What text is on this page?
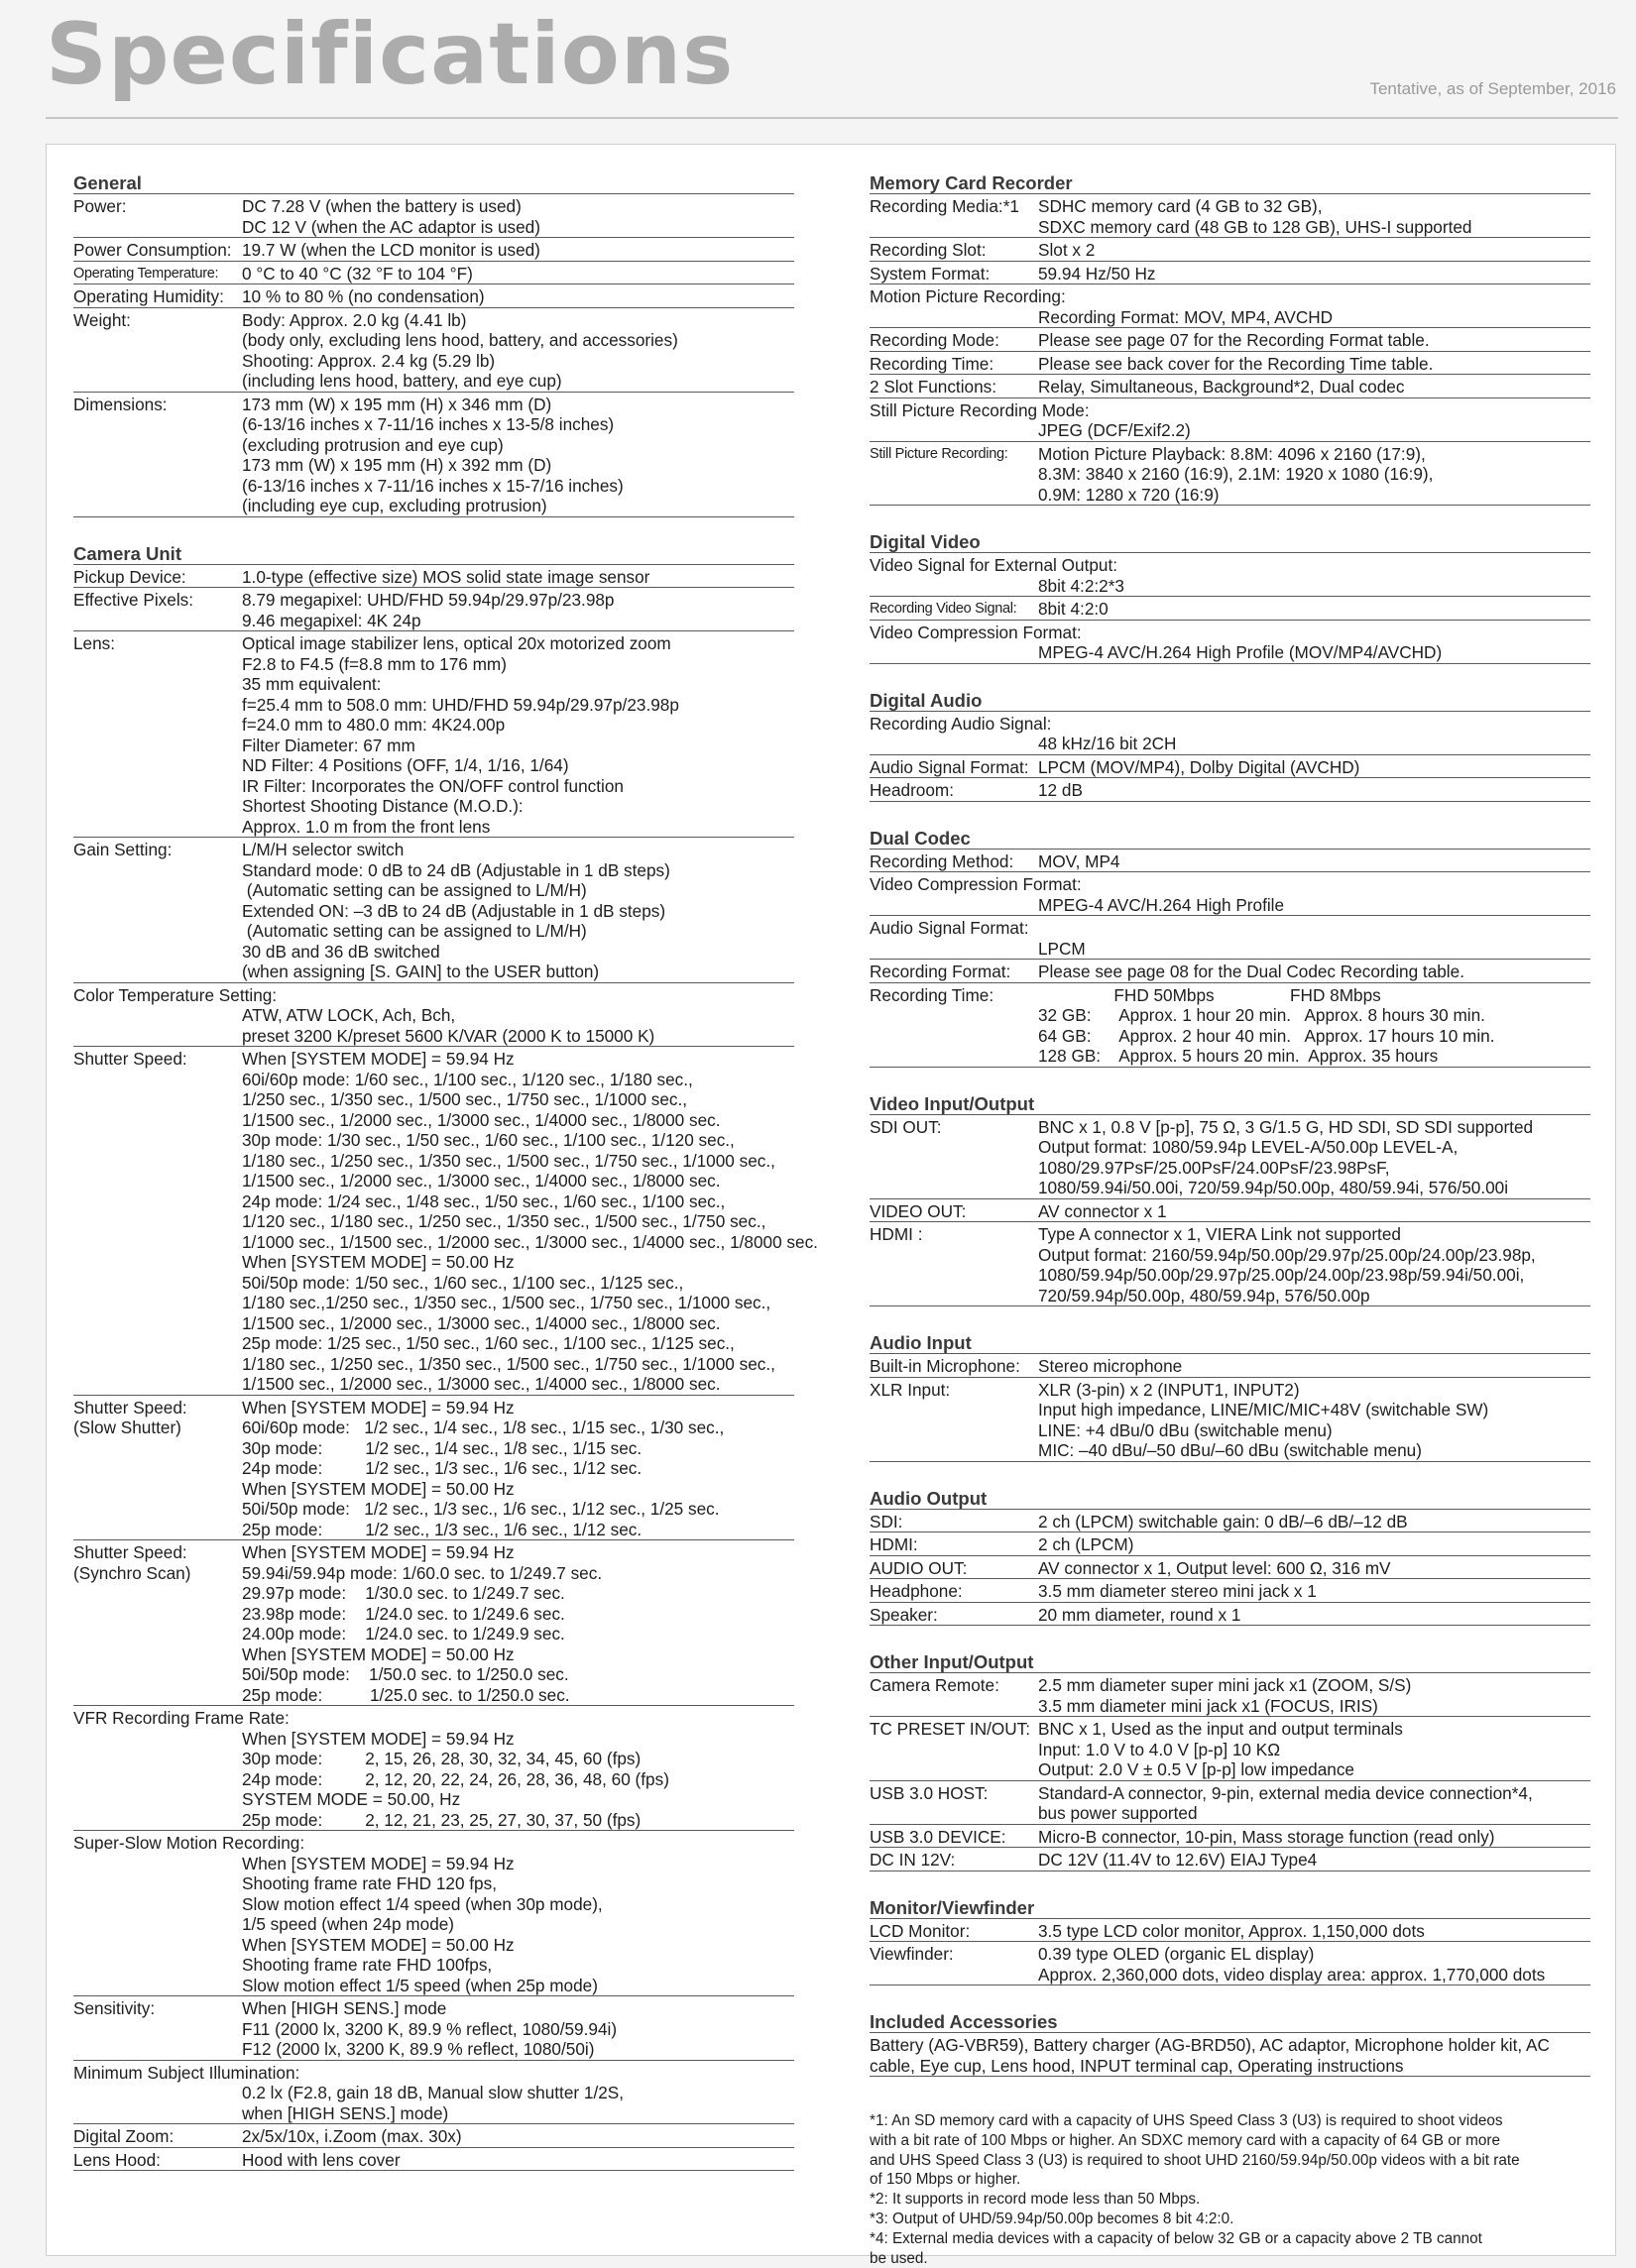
Specifications	Tentative, as of September, 2016
General
Power:	DC 7.28 V (when the battery is used)
DC 12 V (when the AC adaptor is used)
Power Consumption: 19.7 W (when the LCD monitor is used)
Operating Temperature:	0 °C to 40 °C (32 °F to 104 °F)
Operating Humidity:	10 % to 80 % (no condensation)
Weight:	Body: Approx. 2.0 kg (4.41 lb)
(body only, excluding lens hood, battery, and accessories)
Shooting: Approx. 2.4 kg (5.29 lb)
(including lens hood, battery, and eye cup)
Dimensions:	173 mm (W) x 195 mm (H) x 346 mm (D)
(6-13/16 inches x 7-11/16 inches x 13-5/8 inches)
(excluding protrusion and eye cup)
173 mm (W) x 195 mm (H) x 392 mm (D)
(6-13/16 inches x 7-11/16 inches x 15-7/16 inches)
(including eye cup, excluding protrusion)
Camera Unit
Pickup Device:	1.0-type (effective size) MOS solid state image sensor
Effective Pixels:	8.79 megapixel: UHD/FHD 59.94p/29.97p/23.98p
9.46 megapixel: 4K 24p
Lens:	Optical image stabilizer lens, optical 20x motorized zoom
F2.8 to F4.5 (f=8.8 mm to 176 mm)
35 mm equivalent:
f=25.4 mm to 508.0 mm: UHD/FHD 59.94p/29.97p/23.98p
f=24.0 mm to 480.0 mm: 4K24.00p
Filter Diameter: 67 mm
ND Filter: 4 Positions (OFF, 1/4, 1/16, 1/64)
IR Filter: Incorporates the ON/OFF control function
Shortest Shooting Distance (M.O.D.):
Approx. 1.0 m from the front lens
Gain Setting:	L/M/H selector switch
Standard mode: 0 dB to 24 dB (Adjustable in 1 dB steps)
(Automatic setting can be assigned to L/M/H)
Extended ON: –3 dB to 24 dB (Adjustable in 1 dB steps)
(Automatic setting can be assigned to L/M/H)
30 dB and 36 dB switched
(when assigning [S. GAIN] to the USER button)
Color Temperature Setting:

ATW, ATW LOCK, Ach, Bch,
preset 3200 K/preset 5600 K/VAR (2000 K to 15000 K)
Shutter Speed:	When [SYSTEM MODE] = 59.94 Hz
60i/60p mode: 1/60 sec., 1/100 sec., 1/120 sec., 1/180 sec.,
1/250 sec., 1/350 sec., 1/500 sec., 1/750 sec., 1/1000 sec.,
1/1500 sec., 1/2000 sec., 1/3000 sec., 1/4000 sec., 1/8000 sec.
30p mode: 1/30 sec., 1/50 sec., 1/60 sec., 1/100 sec., 1/120 sec.,
1/180 sec., 1/250 sec., 1/350 sec., 1/500 sec., 1/750 sec., 1/1000 sec.,
1/1500 sec., 1/2000 sec., 1/3000 sec., 1/4000 sec., 1/8000 sec.
24p mode: 1/24 sec., 1/48 sec., 1/50 sec., 1/60 sec., 1/100 sec.,
1/120 sec., 1/180 sec., 1/250 sec., 1/350 sec., 1/500 sec., 1/750 sec.,
1/1000 sec., 1/1500 sec., 1/2000 sec., 1/3000 sec., 1/4000 sec., 1/8000 sec.
When [SYSTEM MODE] = 50.00 Hz
50i/50p mode: 1/50 sec., 1/60 sec., 1/100 sec., 1/125 sec.,
1/180 sec.,1/250 sec., 1/350 sec., 1/500 sec., 1/750 sec., 1/1000 sec.,
1/1500 sec., 1/2000 sec., 1/3000 sec., 1/4000 sec., 1/8000 sec.
25p mode: 1/25 sec., 1/50 sec., 1/60 sec., 1/100 sec., 1/125 sec.,
1/180 sec., 1/250 sec., 1/350 sec., 1/500 sec., 1/750 sec., 1/1000 sec.,
1/1500 sec., 1/2000 sec., 1/3000 sec., 1/4000 sec., 1/8000 sec.
Shutter Speed:
(Slow Shutter)
When [SYSTEM MODE] = 59.94 Hz
60i/60p mode:   1/2 sec., 1/4 sec., 1/8 sec., 1/15 sec., 1/30 sec.,
30p mode:         1/2 sec., 1/4 sec., 1/8 sec., 1/15 sec.
24p mode:         1/2 sec., 1/3 sec., 1/6 sec., 1/12 sec.
When [SYSTEM MODE] = 50.00 Hz
50i/50p mode:   1/2 sec., 1/3 sec., 1/6 sec., 1/12 sec., 1/25 sec.
25p mode:         1/2 sec., 1/3 sec., 1/6 sec., 1/12 sec.
Shutter Speed:
(Synchro Scan)
When [SYSTEM MODE] = 59.94 Hz
59.94i/59.94p mode: 1/60.0 sec. to 1/249.7 sec.
29.97p mode:    1/30.0 sec. to 1/249.7 sec.
23.98p mode:    1/24.0 sec. to 1/249.6 sec.
24.00p mode:    1/24.0 sec. to 1/249.9 sec.
When [SYSTEM MODE] = 50.00 Hz
50i/50p mode:    1/50.0 sec. to 1/250.0 sec.
25p mode:          1/25.0 sec. to 1/250.0 sec.
VFR Recording Frame Rate:

When [SYSTEM MODE] = 59.94 Hz
30p mode:         2, 15, 26, 28, 30, 32, 34, 45, 60 (fps)
24p mode:         2, 12, 20, 22, 24, 26, 28, 36, 48, 60 (fps)
SYSTEM MODE = 50.00, Hz
25p mode:         2, 12, 21, 23, 25, 27, 30, 37, 50 (fps)
Super-Slow Motion Recording:

When [SYSTEM MODE] = 59.94 Hz
Shooting frame rate FHD 120 fps,
Slow motion effect 1/4 speed (when 30p mode),
1/5 speed (when 24p mode)
When [SYSTEM MODE] = 50.00 Hz
Shooting frame rate FHD 100fps,
Slow motion effect 1/5 speed (when 25p mode)
Sensitivity:	When [HIGH SENS.] mode
F11 (2000 lx, 3200 K, 89.9 % reflect, 1080/59.94i)
F12 (2000 lx, 3200 K, 89.9 % reflect, 1080/50i)
Minimum Subject Illumination:

0.2 lx (F2.8, gain 18 dB, Manual slow shutter 1/2S,
when [HIGH SENS.] mode)
Digital Zoom:	2x/5x/10x, i.Zoom (max. 30x)
Lens Hood:	Hood with lens cover
Memory Card Recorder
Recording Media:*1	SDHC memory card (4 GB to 32 GB),
SDXC memory card (48 GB to 128 GB), UHS-I supported
Recording Slot:	Slot x 2
System Format:	59.94 Hz/50 Hz
Motion Picture Recording:

Recording Format: MOV, MP4, AVCHD
Recording Mode:	Please see page 07 for the Recording Format table.
Recording Time:	Please see back cover for the Recording Time table.
2 Slot Functions:	Relay, Simultaneous, Background*2, Dual codec
Still Picture Recording Mode:

JPEG (DCF/Exif2.2)
Still Picture Recording:	Motion Picture Playback: 8.8M: 4096 x 2160 (17:9),
8.3M: 3840 x 2160 (16:9), 2.1M: 1920 x 1080 (16:9),
0.9M: 1280 x 720 (16:9)
Digital Video
Video Signal for External Output:

8bit 4:2:2*3
Recording Video Signal:	8bit 4:2:0
Video Compression Format:

MPEG-4 AVC/H.264 High Profile (MOV/MP4/AVCHD)
Digital Audio
Recording Audio Signal:

48 kHz/16 bit 2CH
Audio Signal Format: LPCM (MOV/MP4), Dolby Digital (AVCHD)
Headroom:	12 dB
Dual Codec
Recording Method:	MOV, MP4
Video Compression Format:

MPEG-4 AVC/H.264 High Profile
Audio Signal Format:

LPCM
Recording Format:	Please see page 08 for the Dual Codec Recording table.
Recording Time:	FHD 50Mbps                FHD 8Mbps
32 GB:      Approx. 1 hour 20 min.   Approx. 8 hours 30 min.
64 GB:      Approx. 2 hour 40 min.   Approx. 17 hours 10 min.
128 GB:    Approx. 5 hours 20 min.  Approx. 35 hours
Video Input/Output
SDI OUT:	BNC x 1, 0.8 V [p-p], 75 Ω, 3 G/1.5 G, HD SDI, SD SDI supported
Output format: 1080/59.94p LEVEL-A/50.00p LEVEL-A,
1080/29.97PsF/25.00PsF/24.00PsF/23.98PsF,
1080/59.94i/50.00i, 720/59.94p/50.00p, 480/59.94i, 576/50.00i
VIDEO OUT:	AV connector x 1
HDMI :	Type A connector x 1, VIERA Link not supported
Output format: 2160/59.94p/50.00p/29.97p/25.00p/24.00p/23.98p,
1080/59.94p/50.00p/29.97p/25.00p/24.00p/23.98p/59.94i/50.00i,
720/59.94p/50.00p, 480/59.94p, 576/50.00p
Audio Input
Built-in Microphone:	Stereo microphone
XLR Input:	XLR (3-pin) x 2 (INPUT1, INPUT2)
Input high impedance, LINE/MIC/MIC+48V (switchable SW)
LINE: +4 dBu/0 dBu (switchable menu)
MIC: –40 dBu/–50 dBu/–60 dBu (switchable menu)
Audio Output
SDI:	2 ch (LPCM) switchable gain: 0 dB/–6 dB/–12 dB
HDMI:	2 ch (LPCM)
AUDIO OUT:	AV connector x 1, Output level: 600 Ω, 316 mV
Headphone:	3.5 mm diameter stereo mini jack x 1
Speaker:	20 mm diameter, round x 1
Other Input/Output
Camera Remote:	2.5 mm diameter super mini jack x1 (ZOOM, S/S)
3.5 mm diameter mini jack x1 (FOCUS, IRIS)
TC PRESET IN/OUT: BNC x 1, Used as the input and output terminals
Input: 1.0 V to 4.0 V [p-p] 10 KΩ
Output: 2.0 V ± 0.5 V [p-p] low impedance
USB 3.0 HOST:	Standard-A connector, 9-pin, external media device connection*4,
bus power supported
USB 3.0 DEVICE:	Micro-B connector, 10-pin, Mass storage function (read only)
DC IN 12V:	DC 12V (11.4V to 12.6V) EIAJ Type4
Monitor/Viewfinder
LCD Monitor:	3.5 type LCD color monitor, Approx. 1,150,000 dots
Viewfinder:	0.39 type OLED (organic EL display)
Approx. 2,360,000 dots, video display area: approx. 1,770,000 dots
Included Accessories
Battery (AG-VBR59), Battery charger (AG-BRD50), AC adaptor, Microphone holder kit, AC
cable, Eye cup, Lens hood, INPUT terminal cap, Operating instructions
*1: An SD memory card with a capacity of UHS Speed Class 3 (U3) is required to shoot videos
with a bit rate of 100 Mbps or higher. An SDXC memory card with a capacity of 64 GB or more
and UHS Speed Class 3 (U3) is required to shoot UHD 2160/59.94p/50.00p videos with a bit rate
of 150 Mbps or higher.
*2: It supports in record mode less than 50 Mbps.
*3: Output of UHD/59.94p/50.00p becomes 8 bit 4:2:0.
*4: External media devices with a capacity of below 32 GB or a capacity above 2 TB cannot
be used.
